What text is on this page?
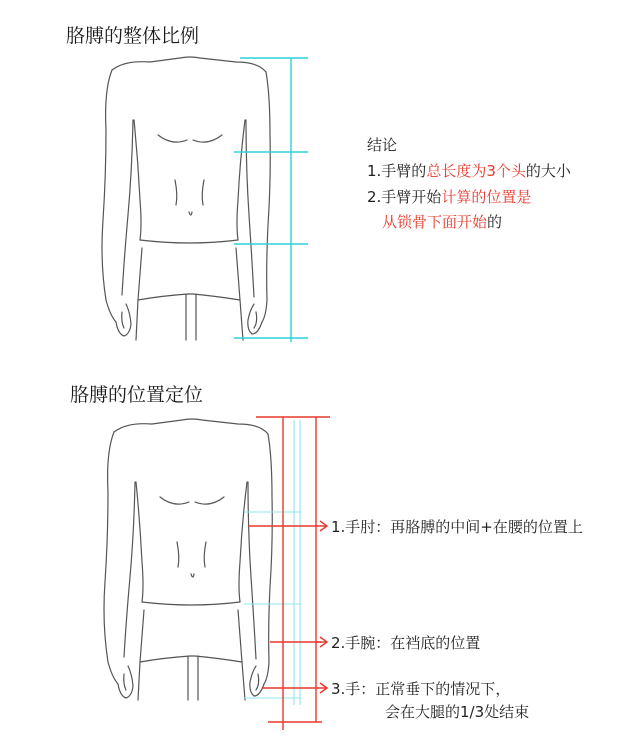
胳膊的整体比例
结论
1.手臂的总长度为3个头的大小
2.手臂开始计算的位置是
从锁骨下面开始的
胳膊的位置定位
1.手肘：再胳膊的中间+在腰的位置上
2.手腕：在裆底的位置
3.手：正常垂下的情况下，
会在大腿的1/3处结束
